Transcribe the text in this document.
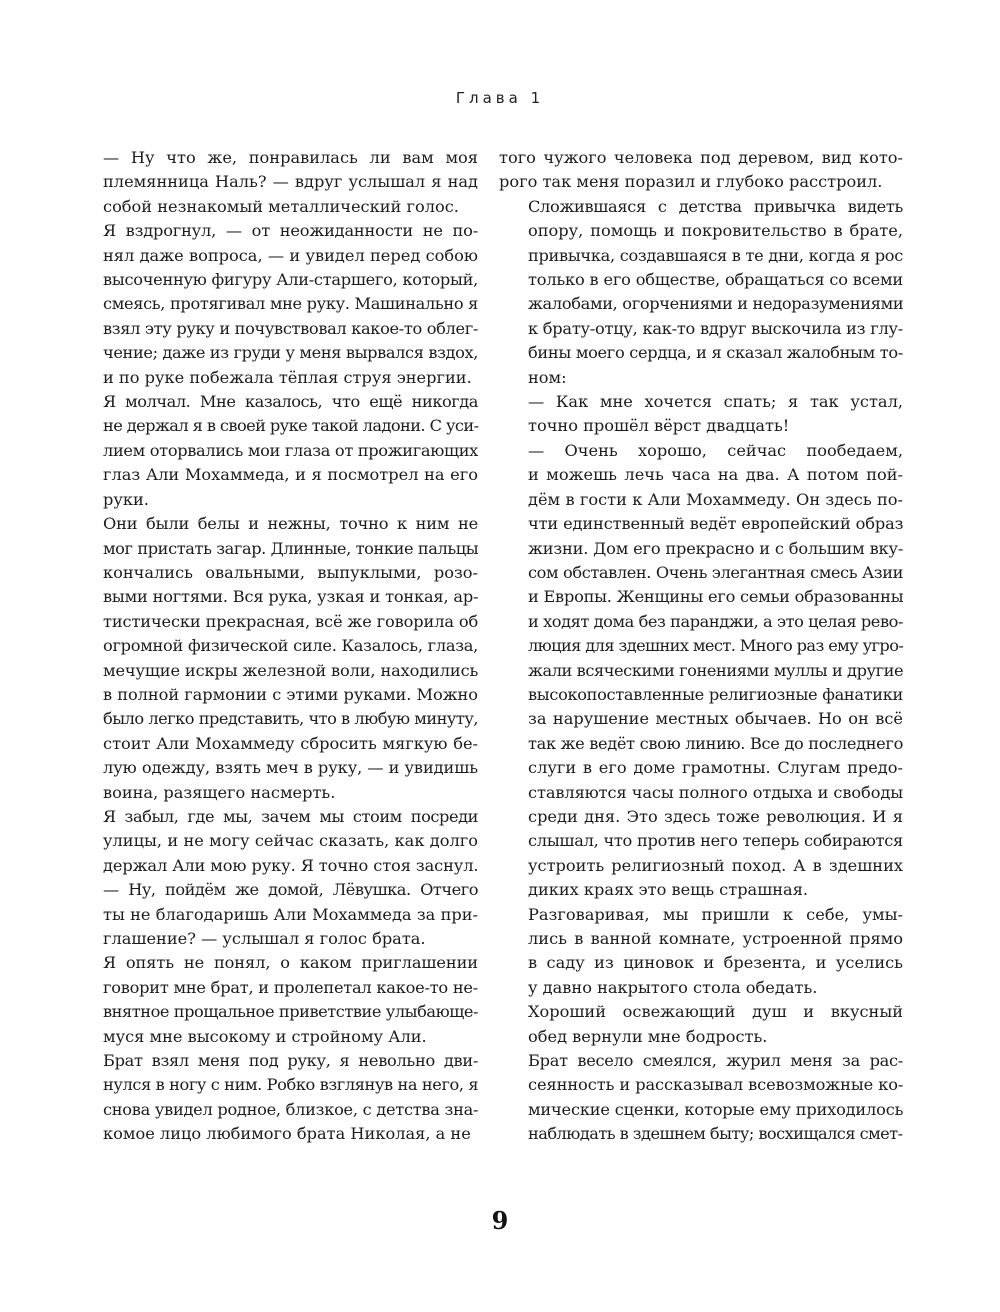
Глава 1

— Ну что же, понравилась ли вам моя
племянница Наль? — вдруг услышал я над
собой незнакомый металлический голос.

Я вздрогнул, — от неожиданности не по-
нял даже вопроса, — и увидел перед собою
высоченную фигуру Али-старшего, который,
смеясь, протягивал мне руку. Машинально я
взял эту руку и почувствовал какое-то облег-
чение; даже из груди у меня вырвался вздох,
и по руке побежала тёплая струя энергии.

Я молчал. Мне казалось, что ещё никогда
не держал я в своей руке такой ладони. С уси-
лием оторвались мои глаза от прожигающих
глаз Али Мохаммеда, и я посмотрел на его
руки.

Они были белы и нежны, точно к ним не
мог пристать загар. Длинные, тонкие пальцы
кончались овальными, выпуклыми, розо-
выми ногтями. Вся рука, узкая и тонкая, ар-
тистически прекрасная, всё же говорила об
огромной физической силе. Казалось, глаза,
мечущие искры железной воли, находились
в полной гармонии с этими руками. Можно
было легко представить, что в любую минуту,
стоит Али Мохаммеду сбросить мягкую бе-
лую одежду, взять меч в руку, — и увидишь
воина, разящего насмерть.

Я забыл, где мы, зачем мы стоим посреди
улицы, и не могу сейчас сказать, как долго
держал Али мою руку. Я точно стоя заснул.

— Ну, пойдём же домой, Лёвушка. Отчего
ты не благодаришь Али Мохаммеда за при-
глашение? — услышал я голос брата.

Я опять не понял, о каком приглашении
говорит мне брат, и пролепетал какое-то не-
внятное прощальное приветствие улыбающе-
муся мне высокому и стройному Али.

Брат взял меня под руку, я невольно дви-
нулся в ногу с ним. Робко взглянув на него, я
снова увидел родное, близкое, с детства зна-
комое лицо любимого брата Николая, а не

того чужого человека под деревом, вид кото-
рого так меня поразил и глубоко расстроил.

Сложившаяся с детства привычка видеть
опору, помощь и покровительство в брате,
привычка, создавшаяся в те дни, когда я рос
только в его обществе, обращаться со всеми
жалобами, огорчениями и недоразумениями
к брату-отцу, как-то вдруг выскочила из глу-
бины моего сердца, и я сказал жалобным то-
ном:

— Как мне хочется спать; я так устал,
точно прошёл вёрст двадцать!

— Очень хорошо, сейчас пообедаем,
и можешь лечь часа на два. А потом пой-
дём в гости к Али Мохаммеду. Он здесь по-
чти единственный ведёт европейский образ
жизни. Дом его прекрасно и с большим вку-
сом обставлен. Очень элегантная смесь Азии
и Европы. Женщины его семьи образованны
и ходят дома без паранджи, а это целая рево-
люция для здешних мест. Много раз ему угро-
жали всяческими гонениями муллы и другие
высокопоставленные религиозные фанатики
за нарушение местных обычаев. Но он всё
так же ведёт свою линию. Все до последнего
слуги в его доме грамотны. Слугам предо-
ставляются часы полного отдыха и свободы
среди дня. Это здесь тоже революция. И я
слышал, что против него теперь собираются
устроить религиозный поход. А в здешних
диких краях это вещь страшная.

Разговаривая, мы пришли к себе, умы-
лись в ванной комнате, устроенной прямо
в саду из циновок и брезента, и уселись
у давно накрытого стола обедать.

Хороший освежающий душ и вкусный
обед вернули мне бодрость.

Брат весело смеялся, журил меня за рас-
сеянность и рассказывал всевозможные ко-
мические сценки, которые ему приходилось
наблюдать в здешнем быту; восхищался смет-

9
